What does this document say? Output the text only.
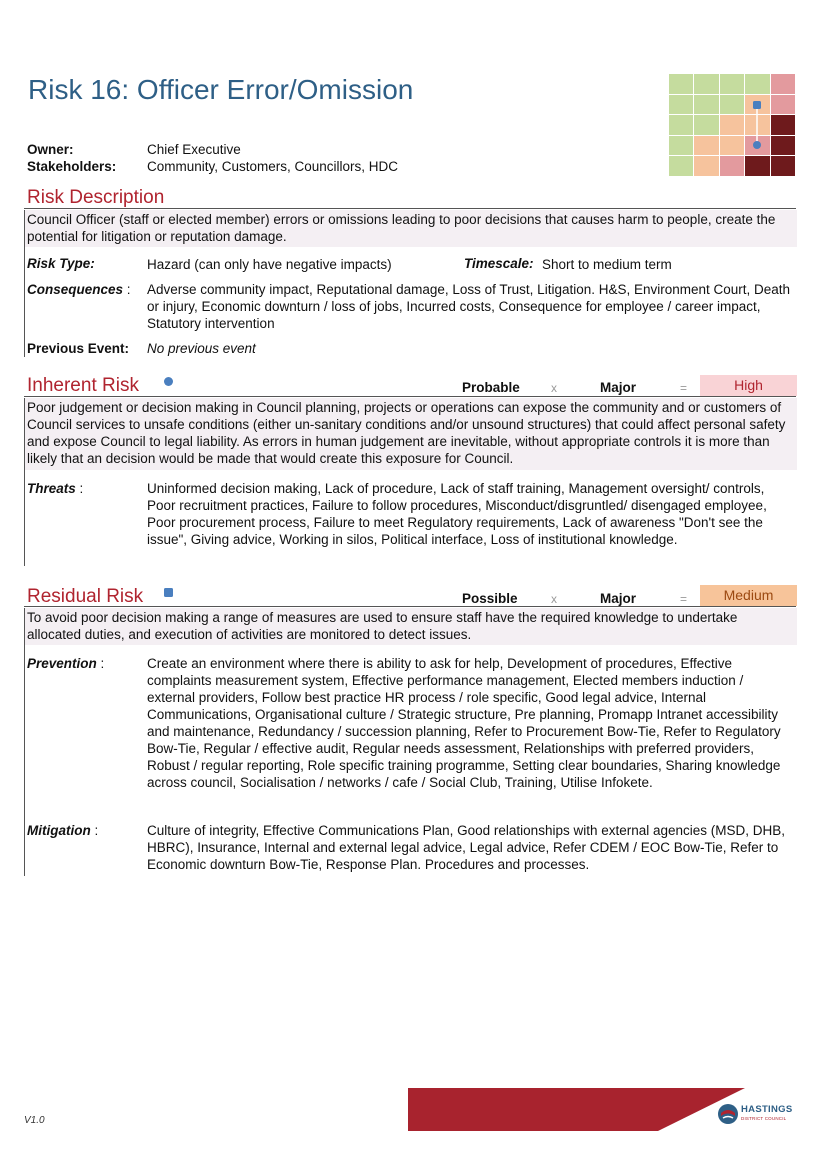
Risk 16: Officer Error/Omission
Owner:	Chief Executive
Stakeholders: Community, Customers, Councillors, HDC
Risk Description
Council Officer (staff or elected member) errors or omissions leading to poor decisions that causes harm to people, create the potential for litigation or reputation damage.
Risk Type:	Hazard (can only have negative impacts)	Timescale: Short to medium term
Consequences : Adverse community impact, Reputational damage, Loss of Trust, Litigation. H&S, Environment Court, Death or injury, Economic downturn / loss of jobs, Incurred costs, Consequence for employee / career impact, Statutory intervention
Previous Event: No previous event
Inherent Risk	Probable	x	Major	=	High
Poor judgement or decision making in Council planning, projects or operations can expose the community and or customers of Council services to unsafe conditions (either un-sanitary conditions and/or unsound structures) that could affect personal safety and expose Council to legal liability. As errors in human judgement are inevitable, without appropriate controls it is more than likely that an decision would be made that would create this exposure for Council.
Threats :	Uninformed decision making, Lack of procedure, Lack of staff training, Management oversight/ controls, Poor recruitment practices, Failure to follow procedures, Misconduct/disgruntled/ disengaged employee, Poor procurement process, Failure to meet Regulatory requirements, Lack of awareness "Don't see the issue", Giving advice, Working in silos, Political interface, Loss of institutional knowledge.
Residual Risk	Possible	x	Major	=	Medium
To avoid poor decision making a range of measures are used to ensure staff have the required knowledge to undertake allocated duties, and execution of activities are monitored to detect issues.
Prevention :	Create an environment where there is ability to ask for help, Development of procedures, Effective complaints measurement system, Effective performance management, Elected members induction / external providers, Follow best practice HR process / role specific, Good legal advice, Internal Communications, Organisational culture / Strategic structure, Pre planning, Promapp Intranet accessibility and maintenance, Redundancy / succession planning, Refer to Procurement Bow-Tie, Refer to Regulatory Bow-Tie, Regular / effective audit, Regular needs assessment, Relationships with preferred providers, Robust / regular reporting, Role specific training programme, Setting clear boundaries, Sharing knowledge across council, Socialisation / networks / cafe / Social Club, Training, Utilise Infokete.
Mitigation :	Culture of integrity, Effective Communications Plan, Good relationships with external agencies (MSD, DHB, HBRC), Insurance, Internal and external legal advice, Legal advice, Refer CDEM / EOC Bow-Tie, Refer to Economic downturn Bow-Tie, Response Plan. Procedures and processes.
HASTINGS
DISTRICT COUNCIL
V1.0
